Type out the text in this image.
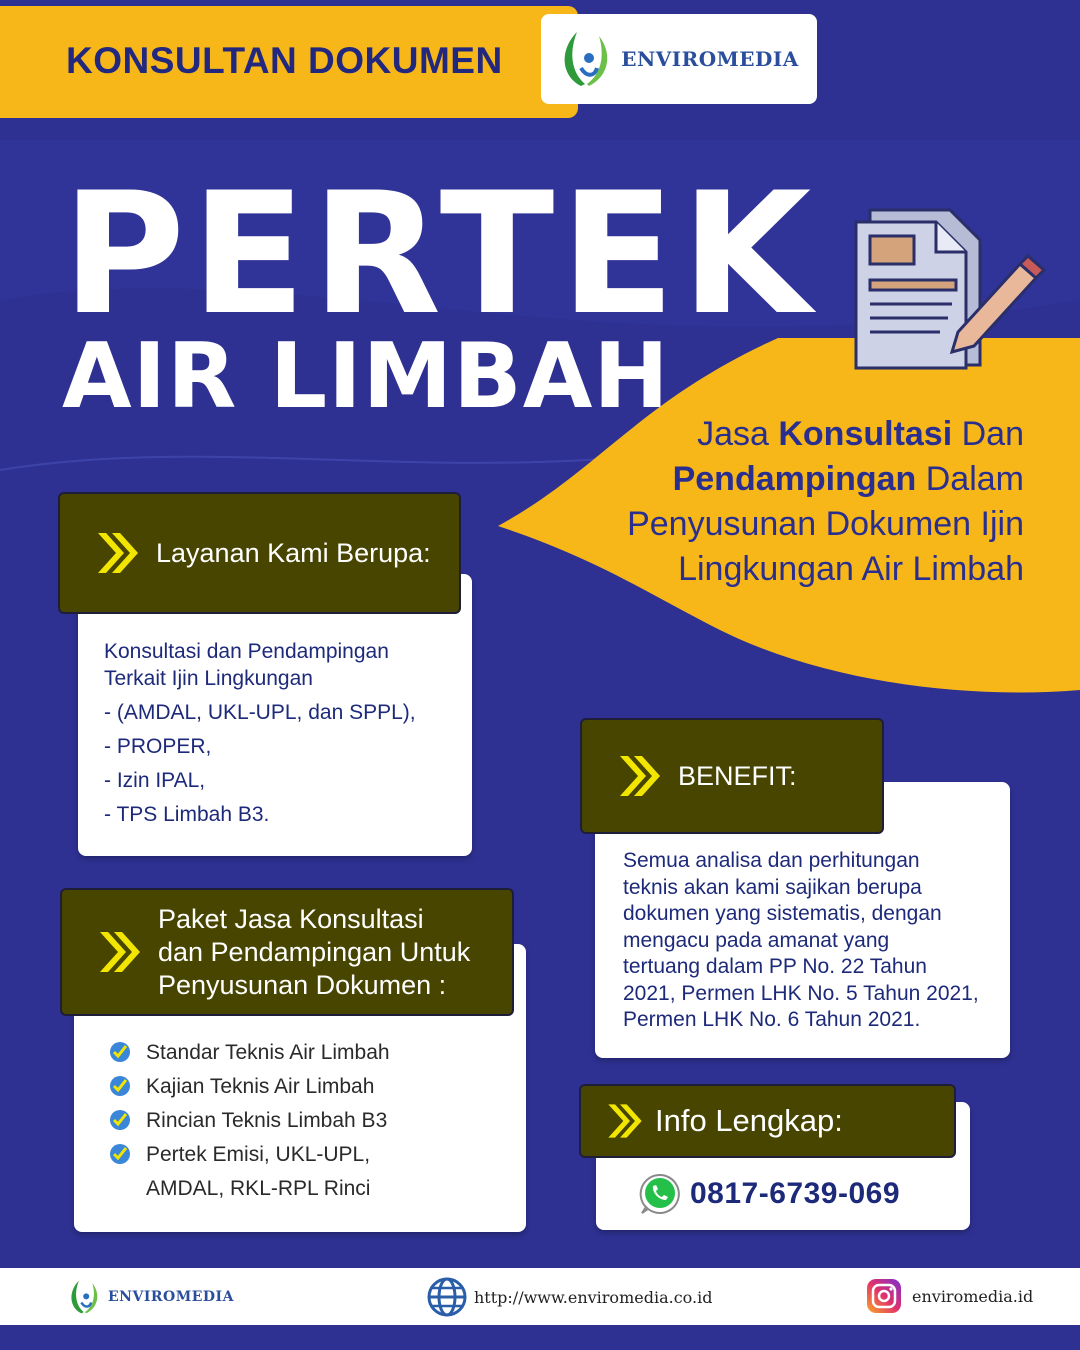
KONSULTAN DOKUMEN	ENVIROMEDIA
PERTEK
AIR LIMBAH
Jasa Konsultasi Dan
Pendampingan Dalam
Penyusunan Dokumen Ijin
Lingkungan Air Limbah
Konsultasi dan Pendampingan
Terkait Ijin Lingkungan
- (AMDAL, UKL-UPL, dan SPPL),
- PROPER,
- Izin IPAL,
- TPS Limbah B3.
Layanan Kami Berupa:
Standar Teknis Air Limbah
Kajian Teknis Air Limbah
Rincian Teknis Limbah B3
Pertek Emisi, UKL-UPL,
AMDAL, RKL-RPL Rinci
Paket Jasa Konsultasi
dan Pendampingan Untuk
Penyusunan Dokumen :
Semua analisa dan perhitungan
teknis akan kami sajikan berupa
dokumen yang sistematis, dengan
mengacu pada amanat yang
tertuang dalam PP No. 22 Tahun
2021, Permen LHK No. 5 Tahun 2021,
Permen LHK No. 6 Tahun 2021.
BENEFIT:
0817-6739-069
Info Lengkap:
ENVIROMEDIA	http://www.enviromedia.co.id	enviromedia.id
